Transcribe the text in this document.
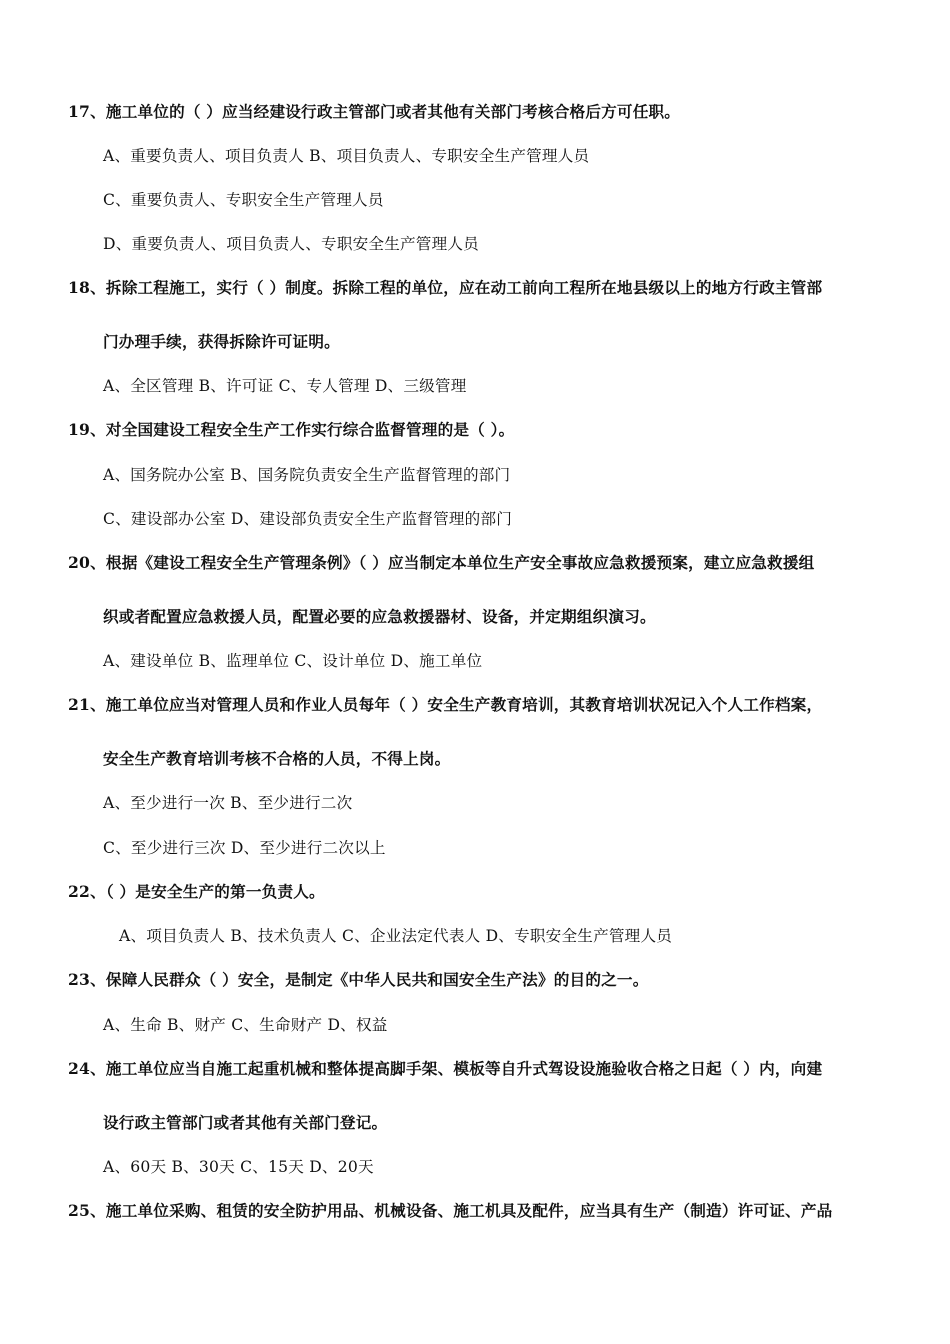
17、施工单位的（ ）应当经建设行政主管部门或者其他有关部门考核合格后方可任职。
A、重要负责人、项目负责人 B、项目负责人、专职安全生产管理人员
C、重要负责人、专职安全生产管理人员
D、重要负责人、项目负责人、专职安全生产管理人员
18、拆除工程施工，实行（ ）制度。拆除工程的单位，应在动工前向工程所在地县级以上的地方行政主管部
门办理手续，获得拆除许可证明。
A、全区管理 B、许可证 C、专人管理 D、三级管理
19、对全国建设工程安全生产工作实行综合监督管理的是（ ）。
A、国务院办公室 B、国务院负责安全生产监督管理的部门
C、建设部办公室 D、建设部负责安全生产监督管理的部门
20、根据《建设工程安全生产管理条例》（ ）应当制定本单位生产安全事故应急救援预案，建立应急救援组
织或者配置应急救援人员，配置必要的应急救援器材、设备，并定期组织演习。
A、建设单位 B、监理单位 C、设计单位 D、施工单位
21、施工单位应当对管理人员和作业人员每年（ ）安全生产教育培训，其教育培训状况记入个人工作档案，
安全生产教育培训考核不合格的人员，不得上岗。
A、至少进行一次 B、至少进行二次
C、至少进行三次 D、至少进行二次以上
22、（ ）是安全生产的第一负责人。
A、项目负责人 B、技术负责人 C、企业法定代表人 D、专职安全生产管理人员
23、保障人民群众（ ）安全，是制定《中华人民共和国安全生产法》的目的之一。
A、生命 B、财产 C、生命财产 D、权益
24、施工单位应当自施工起重机械和整体提高脚手架、模板等自升式驾设设施验收合格之日起（ ）内，向建
设行政主管部门或者其他有关部门登记。
A、60天 B、30天 C、15天 D、20天
25、施工单位采购、租赁的安全防护用品、机械设备、施工机具及配件，应当具有生产（制造）许可证、产品
